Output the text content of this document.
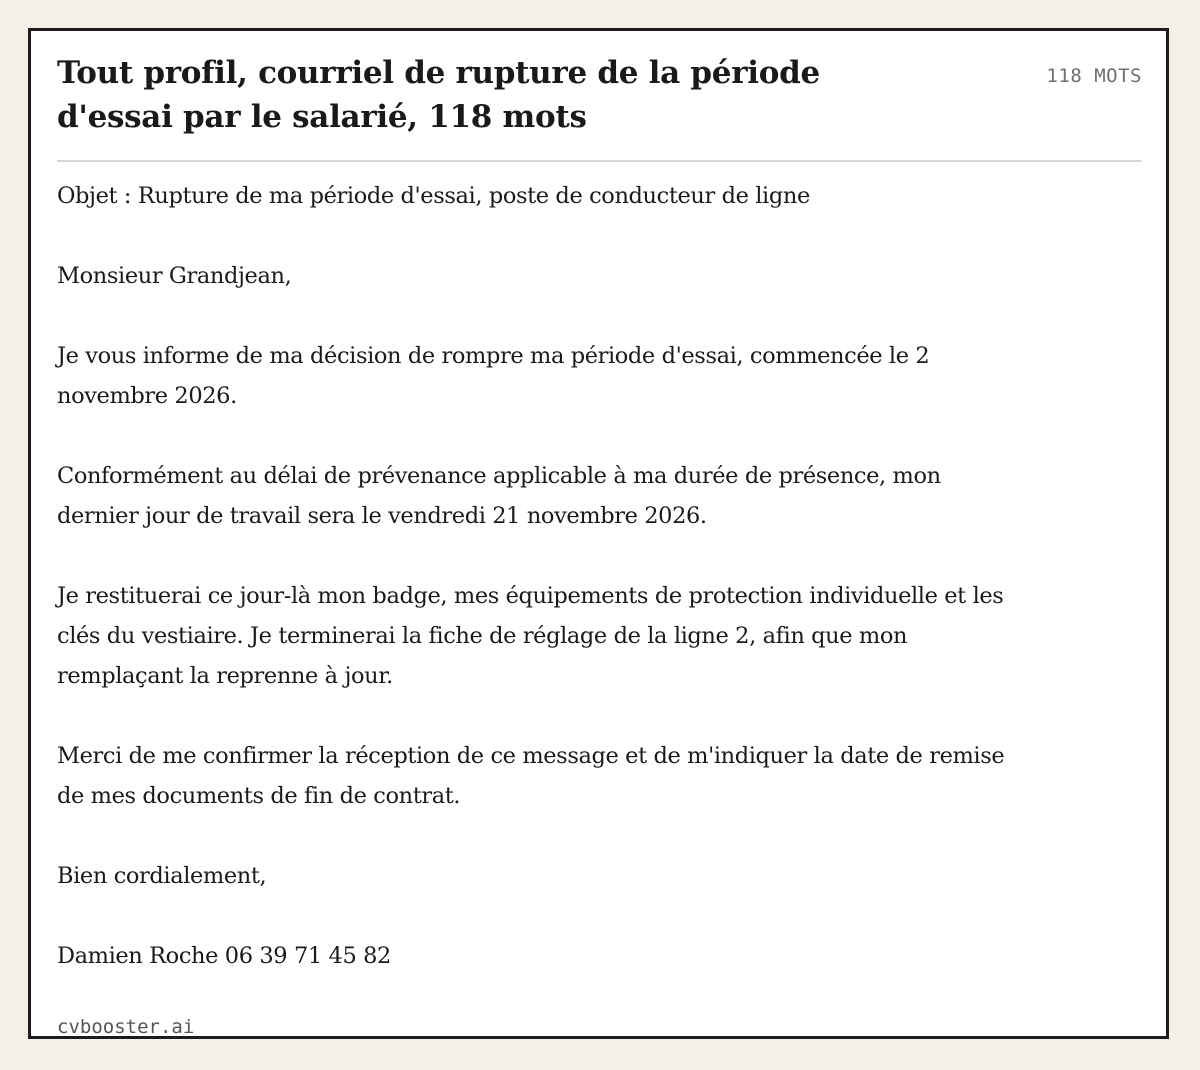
Tout profil, courriel de rupture de la période d'essai par le salarié, 118 mots
118 MOTS

Objet : Rupture de ma période d'essai, poste de conducteur de ligne

Monsieur Grandjean,

Je vous informe de ma décision de rompre ma période d'essai, commencée le 2 novembre 2026.

Conformément au délai de prévenance applicable à ma durée de présence, mon dernier jour de travail sera le vendredi 21 novembre 2026.

Je restituerai ce jour-là mon badge, mes équipements de protection individuelle et les clés du vestiaire. Je terminerai la fiche de réglage de la ligne 2, afin que mon remplaçant la reprenne à jour.

Merci de me confirmer la réception de ce message et de m'indiquer la date de remise de mes documents de fin de contrat.

Bien cordialement,

Damien Roche 06 39 71 45 82

cvbooster.ai
